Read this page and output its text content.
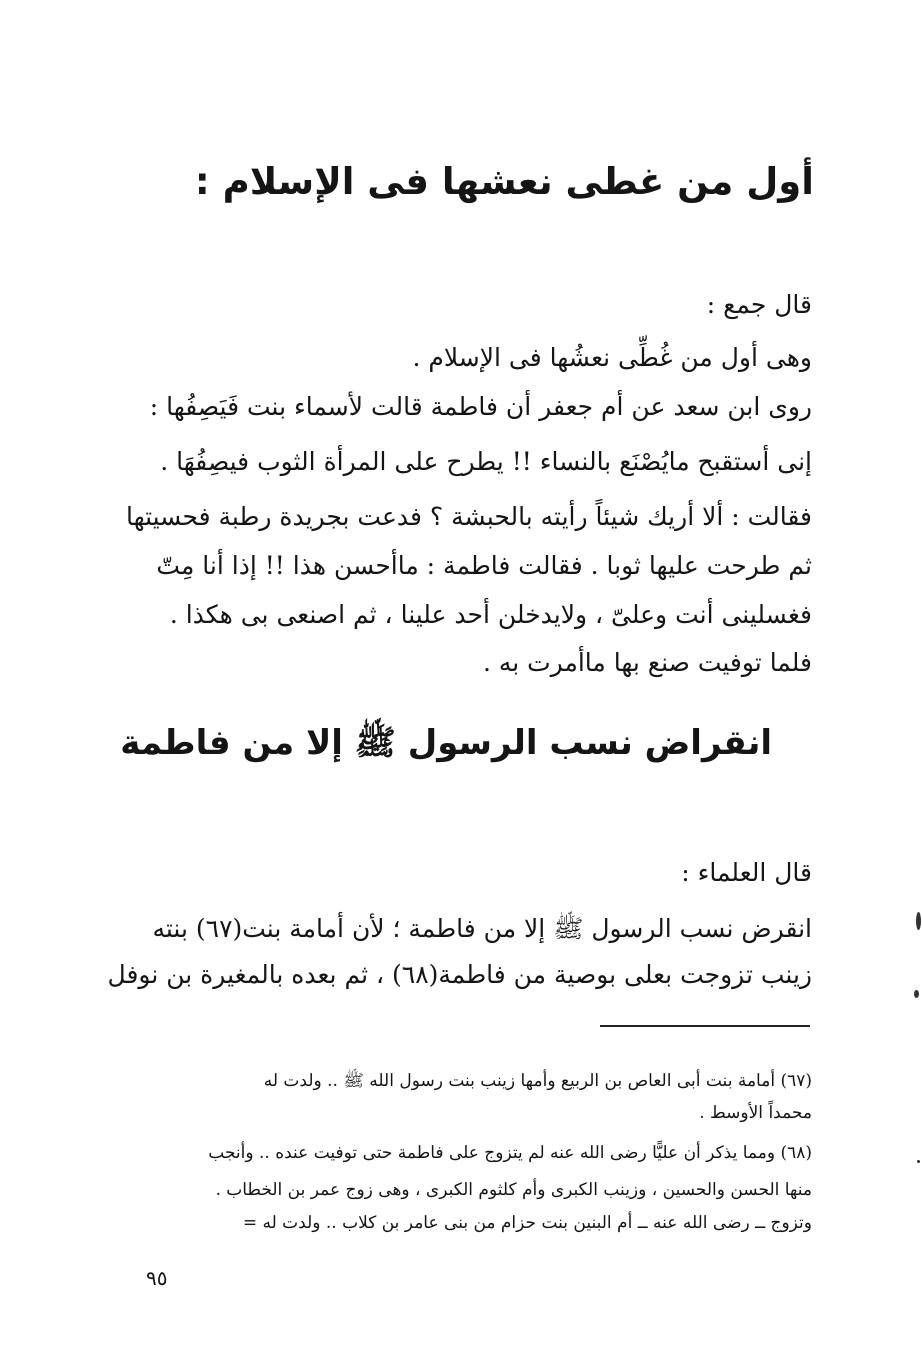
أول من غطى نعشها فى الإسلام :

قال جمع :

وهى أول من غُطِّى نعشُها فى الإسلام .

روى ابن سعد عن أم جعفر أن فاطمة قالت لأسماء بنت فَيَصِفُها :

إنى أستقبح مايُصْنَع بالنساء !! يطرح على المرأة الثوب فيصِفُهَا .

فقالت : ألا أريك شيئاً رأيته بالحبشة ؟ فدعت بجريدة رطبة فحسيتها

ثم طرحت عليها ثوبا . فقالت فاطمة : ماأحسن هذا !! إذا أنا مِتّ

فغسلينى أنت وعلىّ ، ولايدخلن أحد علينا ، ثم اصنعى بى هكذا .

فلما توفيت صنع بها ماأمرت به .

انقراض نسب الرسول ﷺ إلا من فاطمة

قال العلماء :

انقرض نسب الرسول ﷺ إلا من فاطمة ؛ لأن أمامة بنت(٦٧) بنته

زينب تزوجت بعلى بوصية من فاطمة(٦٨) ، ثم بعده بالمغيرة بن نوفل

(٦٧) أمامة بنت أبى العاص بن الربيع وأمها زينب بنت رسول الله ﷺ .. ولدت له

محمداً الأوسط .

(٦٨) ومما يذكر أن عليًّا رضى الله عنه لم يتزوج على فاطمة حتى توفيت عنده .. وأنجب

منها الحسن والحسين ، وزينب الكبرى وأم كلثوم الكبرى ، وهى زوج عمر بن الخطاب .

وتزوج ــ رضى الله عنه ــ أم البنين بنت حزام من بنى عامر بن كلاب .. ولدت له =

٩٥
